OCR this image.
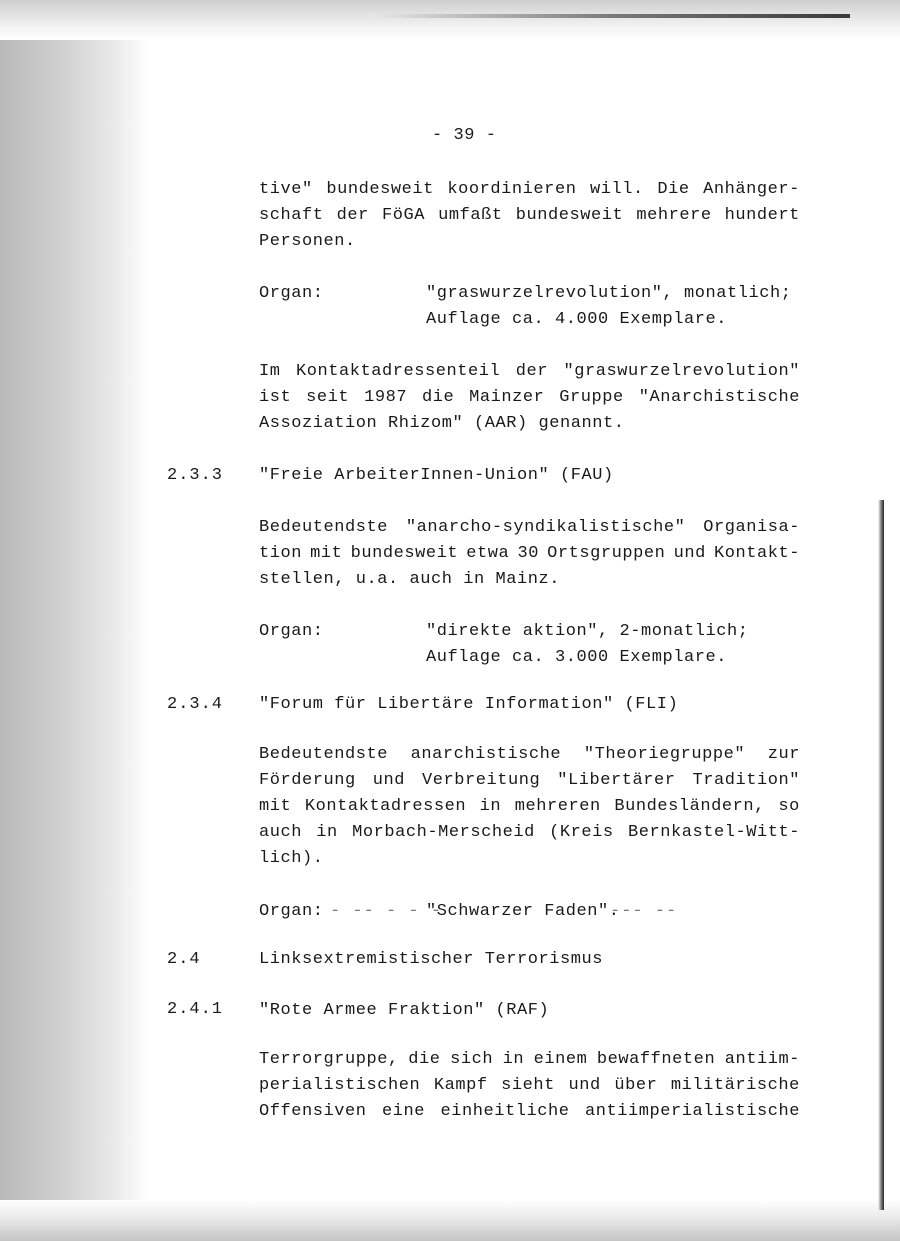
- 39 -
tive" bundesweit koordinieren will. Die Anhänger-
schaft der FöGA umfaßt bundesweit mehrere hundert
Personen.
Organ:	"graswurzelrevolution", monatlich;
Auflage ca. 4.000 Exemplare.
Im Kontaktadressenteil der "graswurzelrevolution"
ist seit 1987 die Mainzer Gruppe "Anarchistische
Assoziation Rhizom" (AAR) genannt.
2.3.3 "Freie ArbeiterInnen-Union" (FAU)
Bedeutendste "anarcho-syndikalistische" Organisa-
tion mit bundesweit etwa 30 Ortsgruppen und Kontakt-
stellen, u.a. auch in Mainz.
Organ:	"direkte aktion", 2-monatlich;
Auflage ca. 3.000 Exemplare.
2.3.4 "Forum für Libertäre Information" (FLI)
Bedeutendste anarchistische "Theoriegruppe" zur
Förderung und Verbreitung "Libertärer Tradition"
mit Kontaktadressen in mehreren Bundesländern, so
auch in Morbach-Merscheid (Kreis Bernkastel-Witt-
lich).
Organ: - -- - - -
"Schwarzer Faden".
--- --
2.4	Linksextremistischer Terrorismus
2.4.1 "Rote Armee Fraktion" (RAF)
Terrorgruppe, die sich in einem bewaffneten antiim-
perialistischen Kampf sieht und über militärische
Offensiven eine einheitliche antiimperialistische
